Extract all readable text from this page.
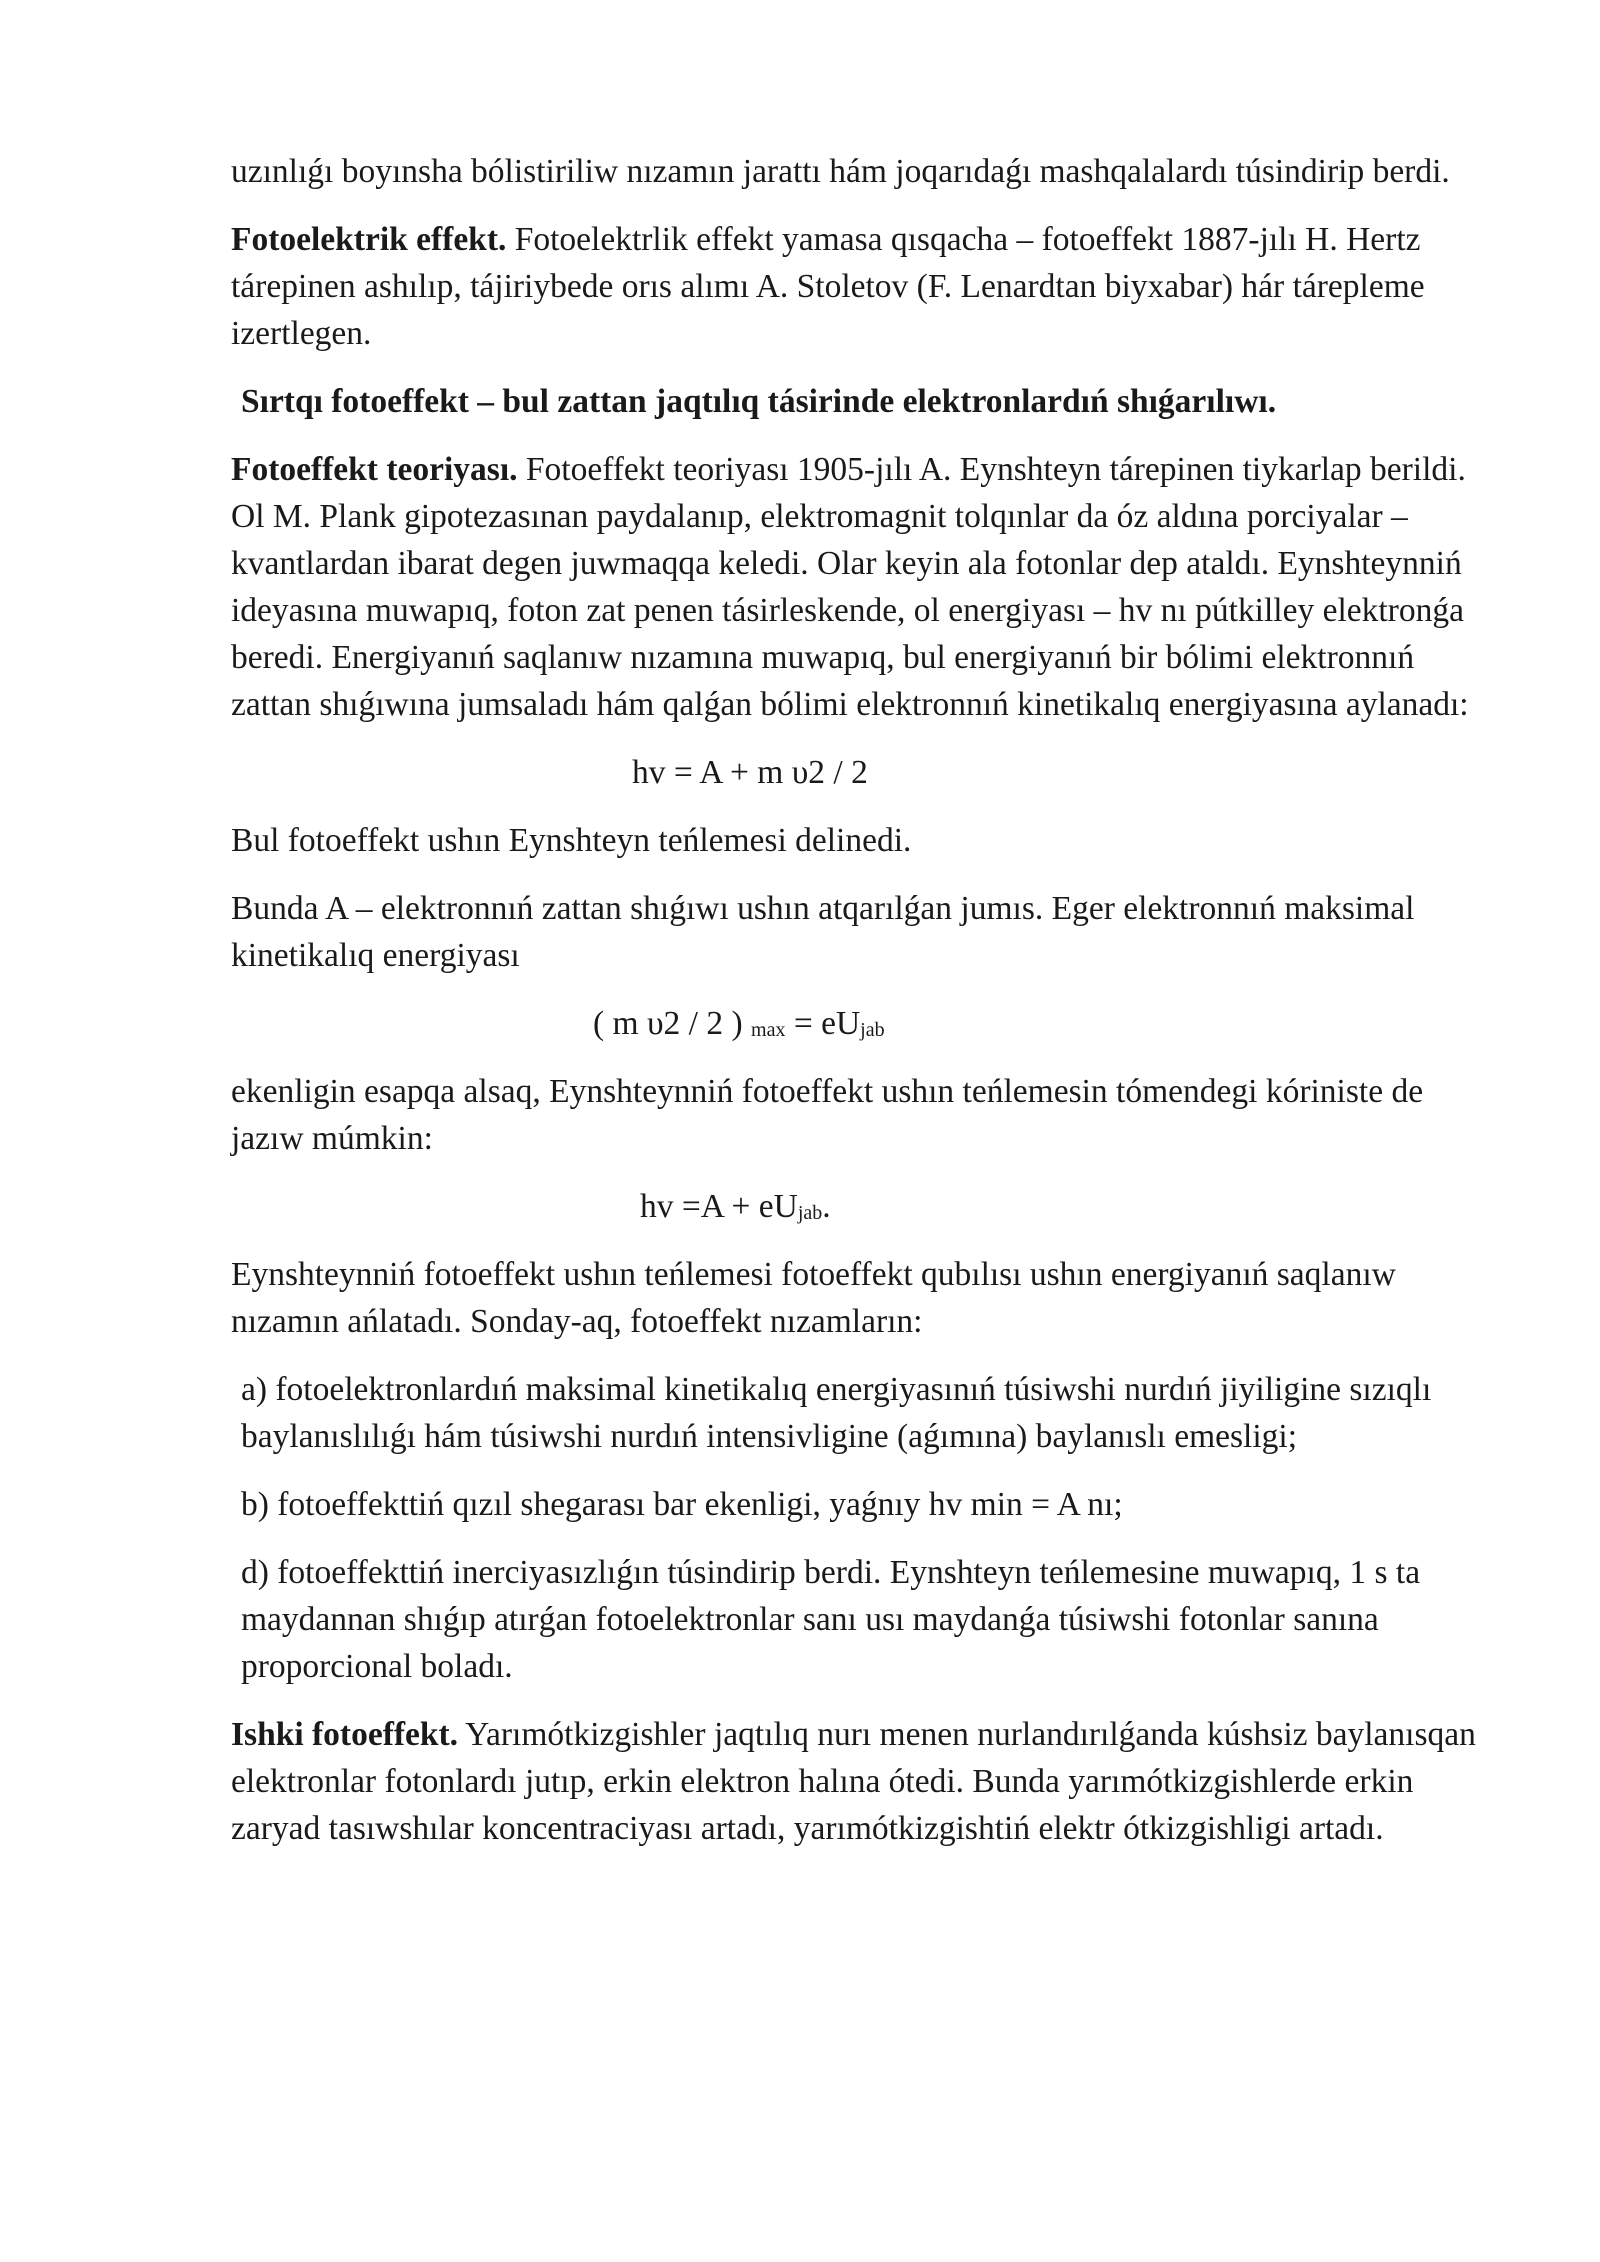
uzınlıǵı boyınsha bólistiriliw nızamın jarattı hám joqarıdaǵı mashqalalardı túsindirip berdi.

Fotoelektrik effekt. Fotoelektrlik effekt yamasa qısqacha – fotoeffekt 1887-jılı H. Hertz tárepinen ashılıp, tájiriybede orıs alımı A. Stoletov (F. Lenardtan biyxabar) hár tárepleme izertlegen.

Sırtqı fotoeffekt – bul zattan jaqtılıq tásirinde elektronlardıń shıǵarılıwı.

Fotoeffekt teoriyası. Fotoeffekt teoriyası 1905-jılı A. Eynshteyn tárepinen tiykarlap berildi. Ol M. Plank gipotezasınan paydalanıp, elektromagnit tolqınlar da óz aldına porciyalar – kvantlardan ibarat degen juwmaqqa keledi. Olar keyin ala fotonlar dep ataldı. Eynshteynniń ideyasına muwapıq, foton zat penen tásirleskende, ol energiyası – hv nı pútkilley elektronǵa beredi. Energiyanıń saqlanıw nızamına muwapıq, bul energiyanıń bir bólimi elektronnıń zattan shıǵıwına jumsaladı hám qalǵan bólimi elektronnıń kinetikalıq energiyasına aylanadı:

hv = A + m υ2 / 2

Bul fotoeffekt ushın Eynshteyn teńlemesi delinedi.

Bunda A – elektronnıń zattan shıǵıwı ushın atqarılǵan jumıs. Eger elektronnıń maksimal kinetikalıq energiyası

( m υ2 / 2 ) max = eUjab

ekenligin esapqa alsaq, Eynshteynniń fotoeffekt ushın teńlemesin tómendegi kóriniste de jazıw múmkin:

hv =A + eUjab.

Eynshteynniń fotoeffekt ushın teńlemesi fotoeffekt qubılısı ushın energiyanıń saqlanıw nızamın ańlatadı. Sonday-aq, fotoeffekt nızamların:

a) fotoelektronlardıń maksimal kinetikalıq energiyasınıń túsiwshi nurdıń jiyiligine sızıqlı baylanıslılıǵı hám túsiwshi nurdıń intensivligine (aǵımına) baylanıslı emesligi;

b) fotoeffekttiń qızıl shegarası bar ekenligi, yaǵnıy hv min = A nı;

d) fotoeffekttiń inerciyasızlıǵın túsindirip berdi. Eynshteyn teńlemesine muwapıq, 1 s ta maydannan shıǵıp atırǵan fotoelektronlar sanı usı maydanǵa túsiwshi fotonlar sanına proporcional boladı.

Ishki fotoeffekt. Yarımótkizgishler jaqtılıq nurı menen nurlandırılǵanda kúshsiz baylanısqan elektronlar fotonlardı jutıp, erkin elektron halına ótedi. Bunda yarımótkizgishlerde erkin zaryad tasıwshılar koncentraciyası artadı, yarımótkizgishtiń elektr ótkizgishligi artadı.
